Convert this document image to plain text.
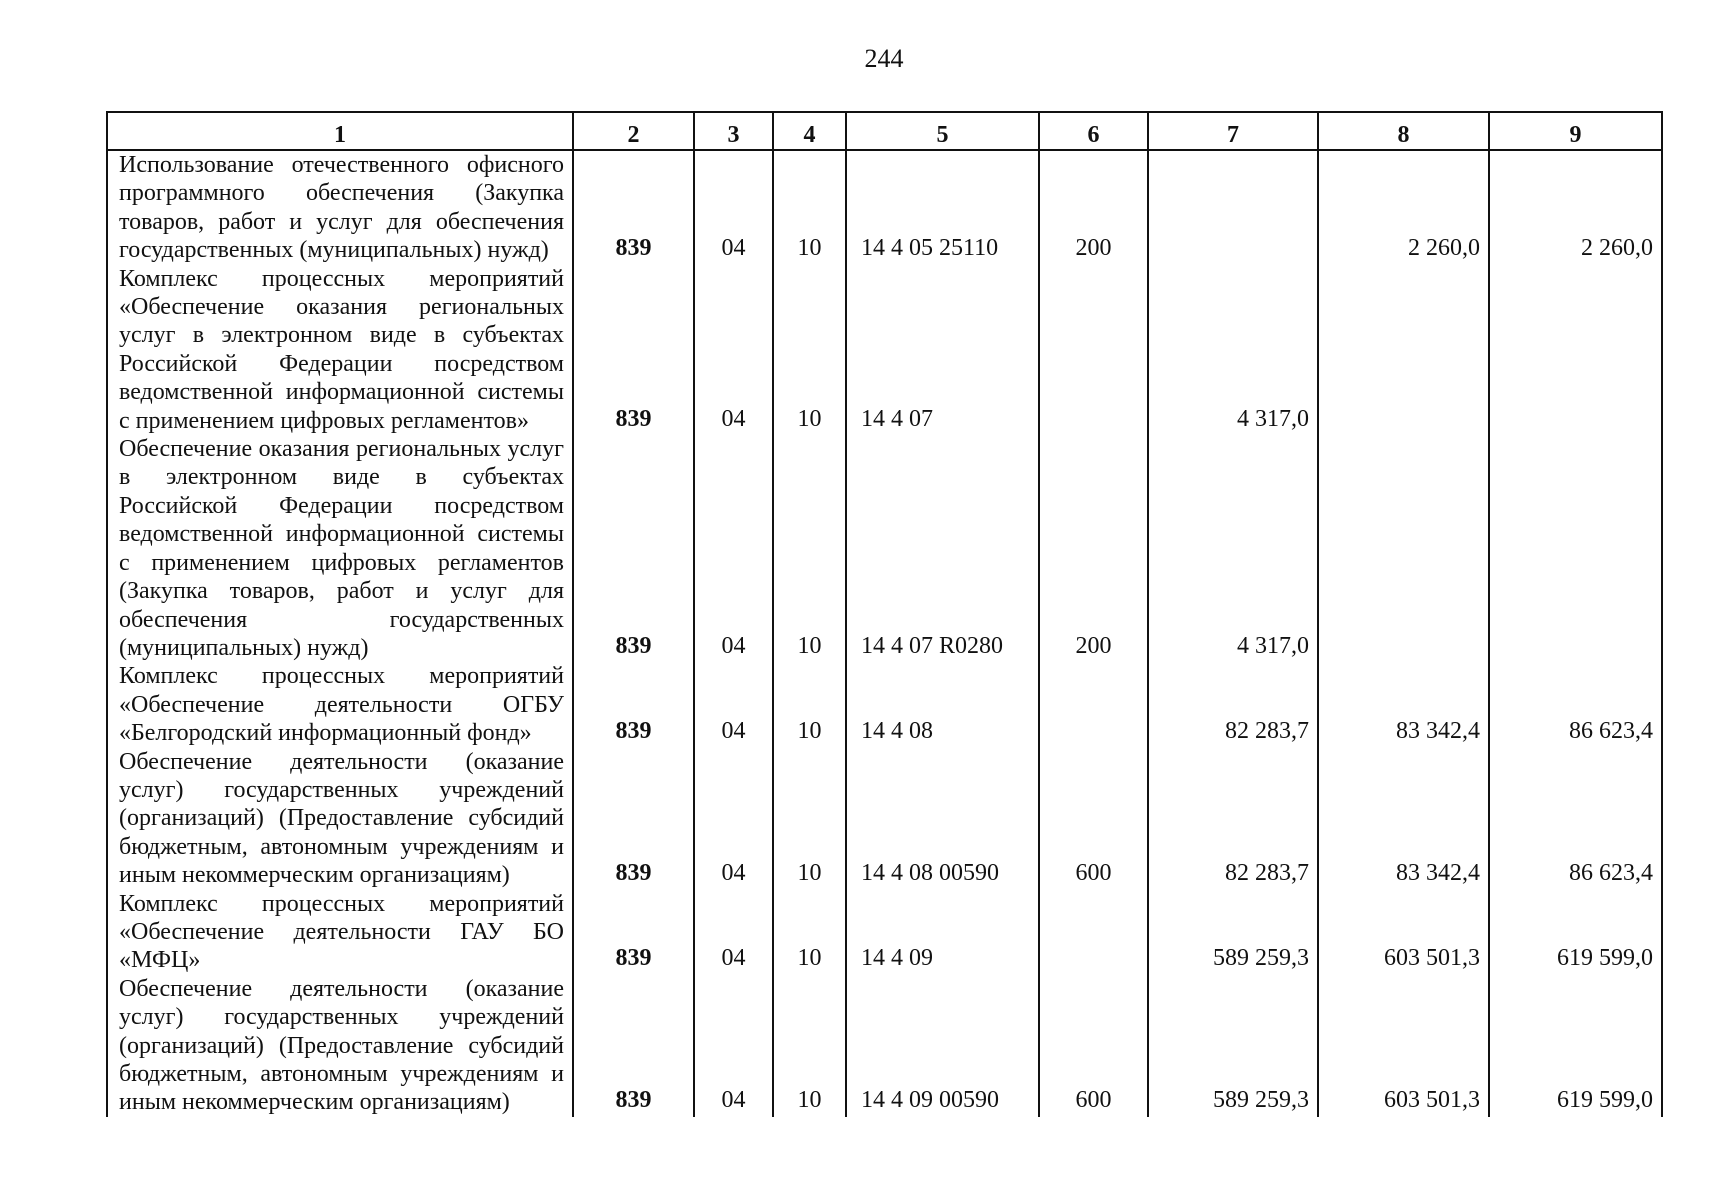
244
1	2	3	4	5	6	7	8	9
Использование отечественного офисного программного обеспечения (Закупка товаров, работ и услуг для обеспечения государственных (муниципальных) нужд)	839	04	10	14 4 05 25110	200		2 260,0	2 260,0
Комплекс процессных мероприятий «Обеспечение оказания региональных услуг в электронном виде в субъектах Российской Федерации посредством ведомственной информационной системы с применением цифровых регламентов»	839	04	10	14 4 07		4 317,0		
Обеспечение оказания региональных услуг в электронном виде в субъектах Российской Федерации посредством ведомственной информационной системы с применением цифровых регламентов (Закупка товаров, работ и услуг для обеспечения государственных (муниципальных) нужд)	839	04	10	14 4 07 R0280	200	4 317,0		
Комплекс процессных мероприятий «Обеспечение деятельности ОГБУ «Белгородский информационный фонд»	839	04	10	14 4 08		82 283,7	83 342,4	86 623,4
Обеспечение деятельности (оказание услуг) государственных учреждений (организаций) (Предоставление субсидий бюджетным, автономным учреждениям и иным некоммерческим организациям)	839	04	10	14 4 08 00590	600	82 283,7	83 342,4	86 623,4
Комплекс процессных мероприятий «Обеспечение деятельности ГАУ БО «МФЦ»	839	04	10	14 4 09		589 259,3	603 501,3	619 599,0
Обеспечение деятельности (оказание услуг) государственных учреждений (организаций) (Предоставление субсидий бюджетным, автономным учреждениям и иным некоммерческим организациям)	839	04	10	14 4 09 00590	600	589 259,3	603 501,3	619 599,0
